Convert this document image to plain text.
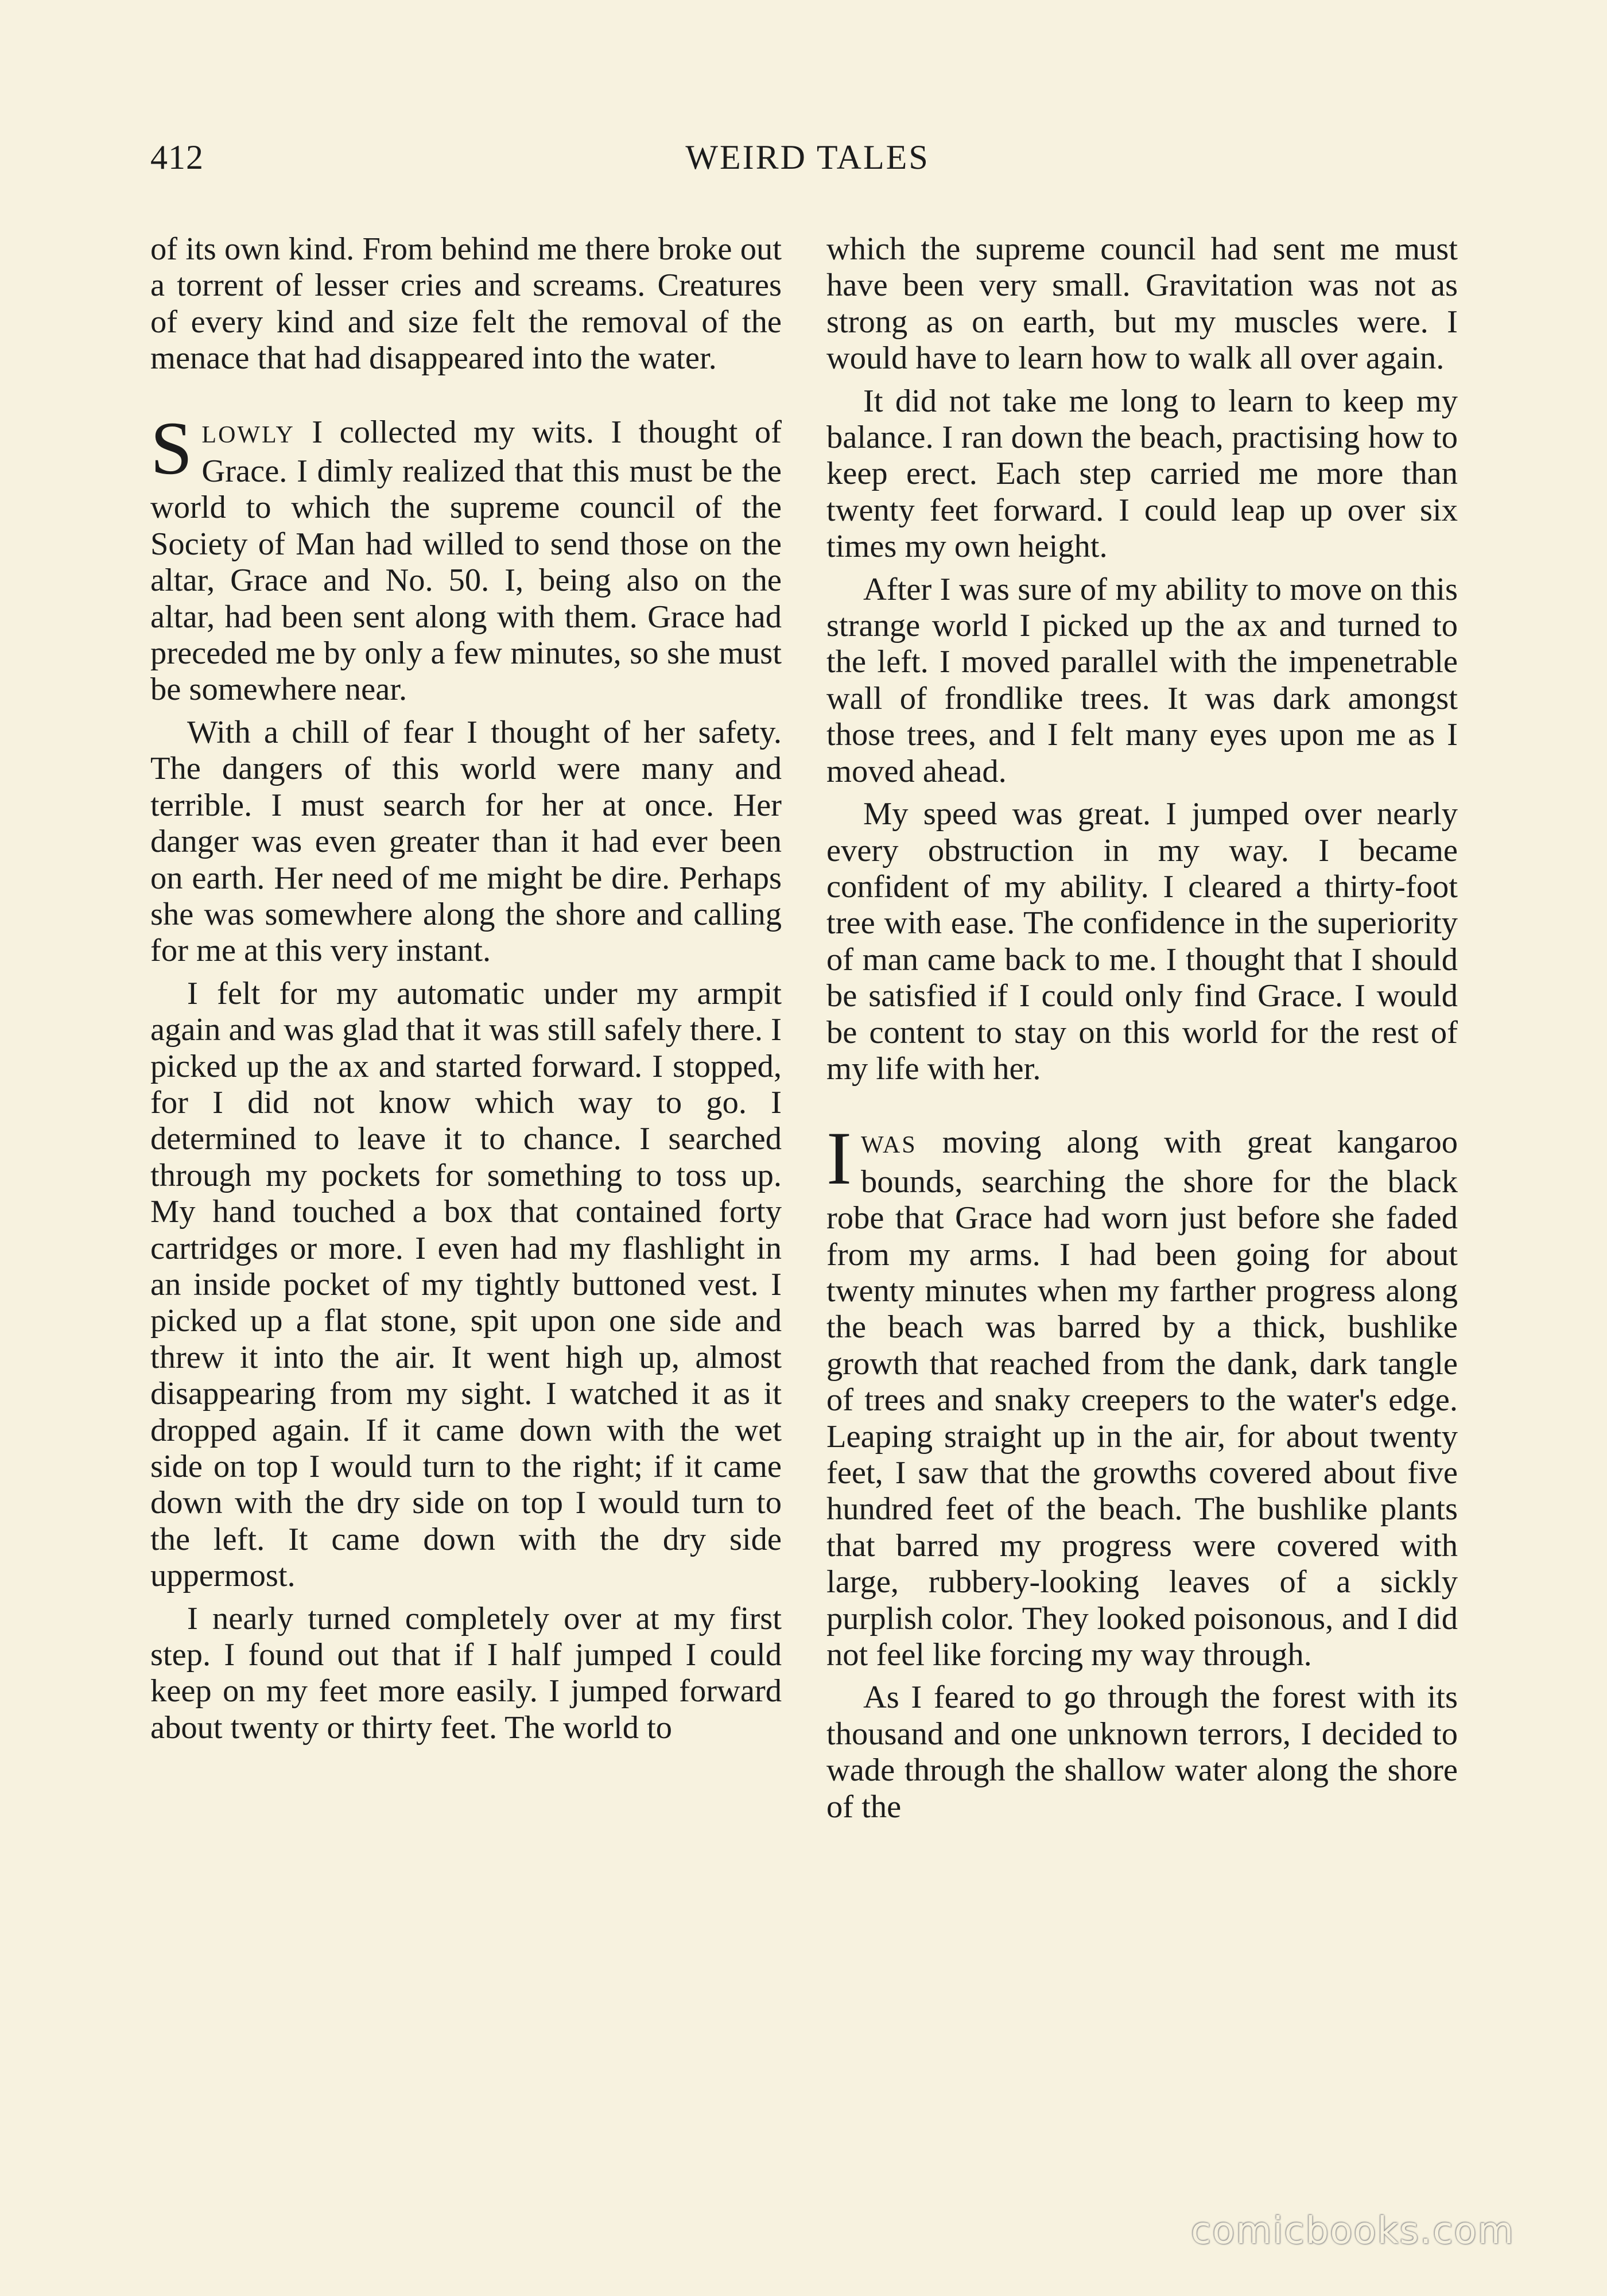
412	WEIRD TALES

of its own kind. From behind me there broke out a torrent of lesser cries and screams. Creatures of every kind and size felt the removal of the menace that had disappeared into the water.

SLOWLY I collected my wits. I thought of Grace. I dimly realized that this must be the world to which the supreme council of the Society of Man had willed to send those on the altar, Grace and No. 50. I, being also on the altar, had been sent along with them. Grace had preceded me by only a few minutes, so she must be somewhere near.

With a chill of fear I thought of her safety. The dangers of this world were many and terrible. I must search for her at once. Her danger was even greater than it had ever been on earth. Her need of me might be dire. Perhaps she was somewhere along the shore and calling for me at this very instant.

I felt for my automatic under my armpit again and was glad that it was still safely there. I picked up the ax and started forward. I stopped, for I did not know which way to go. I determined to leave it to chance. I searched through my pockets for something to toss up. My hand touched a box that contained forty cartridges or more. I even had my flashlight in an inside pocket of my tightly buttoned vest. I picked up a flat stone, spit upon one side and threw it into the air. It went high up, almost disappearing from my sight. I watched it as it dropped again. If it came down with the wet side on top I would turn to the right; if it came down with the dry side on top I would turn to the left. It came down with the dry side uppermost.

I nearly turned completely over at my first step. I found out that if I half jumped I could keep on my feet more easily. I jumped forward about twenty or thirty feet. The world to

which the supreme council had sent me must have been very small. Gravitation was not as strong as on earth, but my muscles were. I would have to learn how to walk all over again.

It did not take me long to learn to keep my balance. I ran down the beach, practising how to keep erect. Each step carried me more than twenty feet forward. I could leap up over six times my own height.

After I was sure of my ability to move on this strange world I picked up the ax and turned to the left. I moved parallel with the impenetrable wall of frondlike trees. It was dark amongst those trees, and I felt many eyes upon me as I moved ahead.

My speed was great. I jumped over nearly every obstruction in my way. I became confident of my ability. I cleared a thirty-foot tree with ease. The confidence in the superiority of man came back to me. I thought that I should be satisfied if I could only find Grace. I would be content to stay on this world for the rest of my life with her.

IWAS moving along with great kangaroo bounds, searching the shore for the black robe that Grace had worn just before she faded from my arms. I had been going for about twenty minutes when my farther progress along the beach was barred by a thick, bushlike growth that reached from the dank, dark tangle of trees and snaky creepers to the water's edge. Leaping straight up in the air, for about twenty feet, I saw that the growths covered about five hundred feet of the beach. The bushlike plants that barred my progress were covered with large, rubbery-looking leaves of a sickly purplish color. They looked poisonous, and I did not feel like forcing my way through.

As I feared to go through the forest with its thousand and one unknown terrors, I decided to wade through the shallow water along the shore of the

comicbooks.com
